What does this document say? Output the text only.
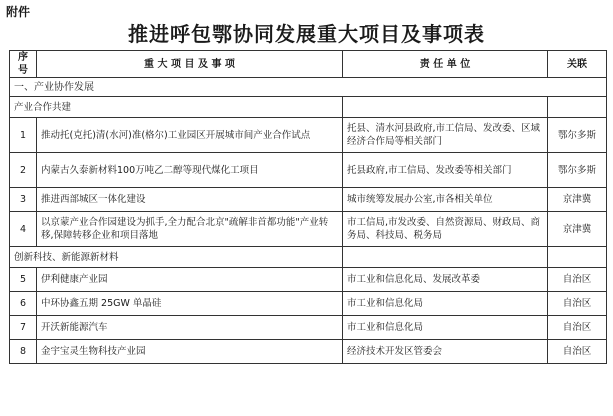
附件
推进呼包鄂协同发展重大项目及事项表
序号	重 大 项 目 及 事 项	责 任 单 位	关联
一、产业协作发展			
产业合作共建			
1	推动托(克托)清(水河)准(格尔)工业园区开展城市间产业合作试点	托县、清水河县政府,市工信局、发改委、区域经济合作局等相关部门	鄂尔多斯
2	内蒙古久泰新材料100万吨乙二醇等现代煤化工项目	托县政府,市工信局、发改委等相关部门	鄂尔多斯
3	推进西部城区一体化建设	城市统筹发展办公室,市各相关单位	京津冀
4	以京蒙产业合作园建设为抓手,全力配合北京"疏解非首都功能"产业转移,保障转移企业和项目落地	市工信局,市发改委、自然资源局、财政局、商务局、科技局、税务局	京津冀
创新科技、新能源新材料			
5	伊利健康产业园	市工业和信息化局、发展改革委	自治区
6	中环协鑫五期 25GW 单晶硅	市工业和信息化局	自治区
7	开沃新能源汽车	市工业和信息化局	自治区
8	金宇宝灵生物科技产业园	经济技术开发区管委会	自治区
